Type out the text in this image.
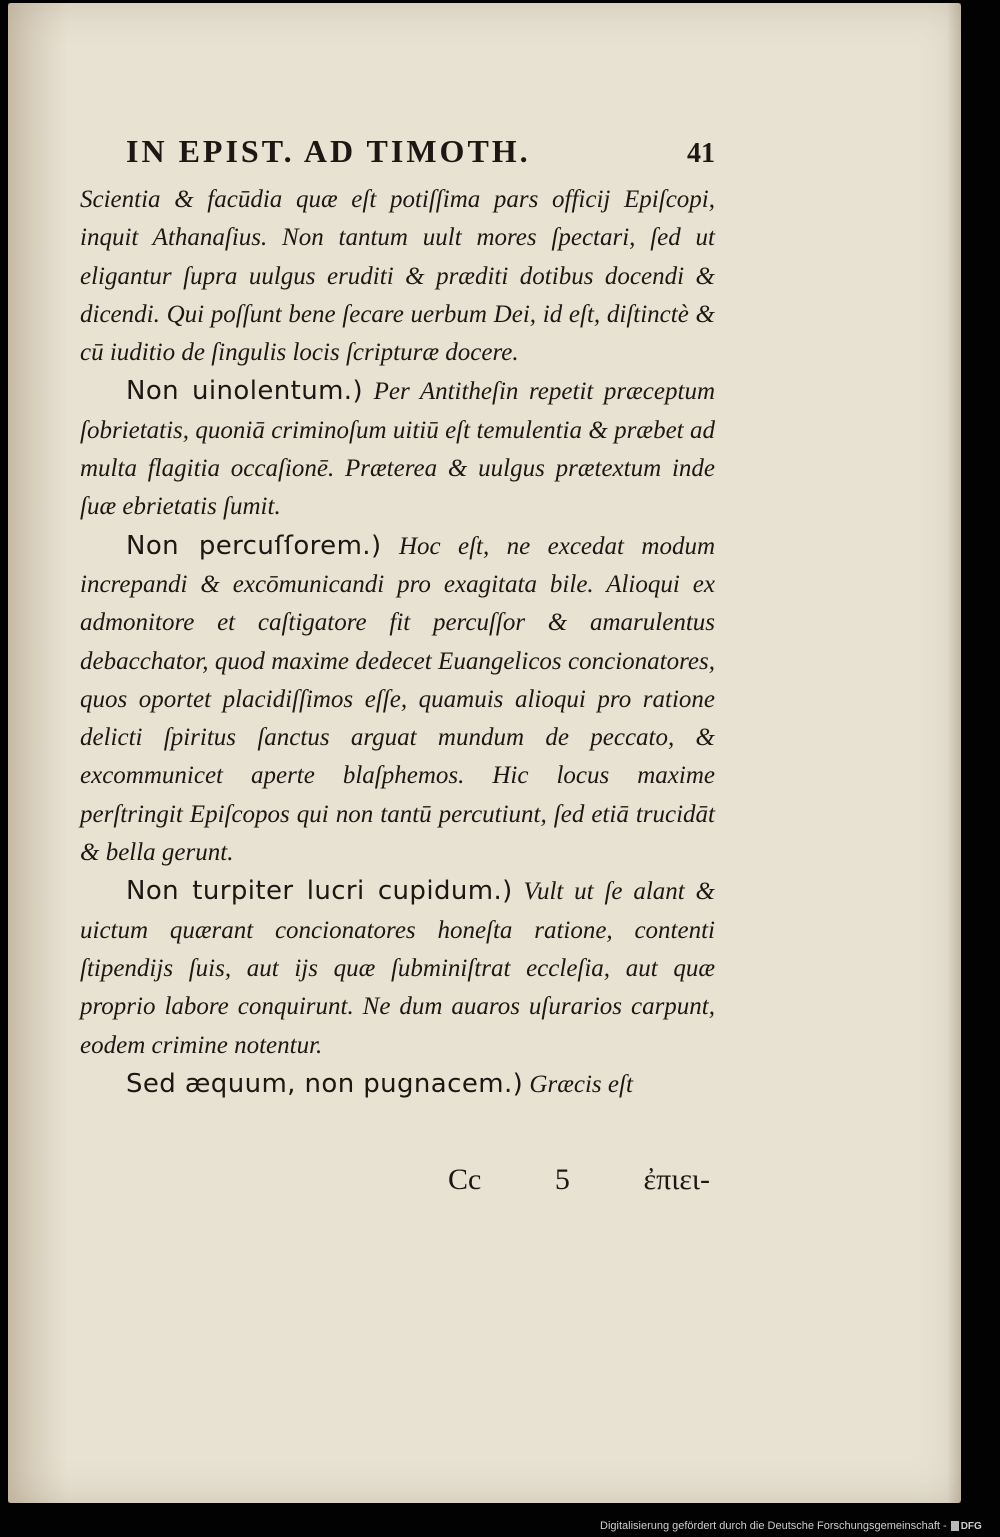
IN EPIST. AD TIMOTH.	41

Scientia & facūdia quæ eſt potiſſima pars officij Epiſcopi, inquit Athanaſius. Non tantum uult mores ſpectari, ſed ut eligantur ſupra uulgus eruditi & præditi dotibus docendi & dicendi. Qui poſſunt bene ſecare uerbum Dei, id eſt, diſtinctè & cū iuditio de ſingulis locis ſcripturæ docere.

Non uinolentum.) Per Antitheſin repetit præceptum ſobrietatis, quoniā criminoſum uitiū eſt temulentia & præbet ad multa flagitia occaſionē. Præterea & uulgus prætextum inde ſuæ ebrietatis ſumit.

Non percuſſorem.) Hoc eſt, ne excedat modum increpandi & excōmunicandi pro exagitata bile. Alioqui ex admonitore et caſtigatore fit percuſſor & amarulentus debacchator, quod maxime dedecet Euangelicos concionatores, quos oportet placidiſſimos eſſe, quamuis alioqui pro ratione delicti ſpiritus ſanctus arguat mundum de peccato, & excommunicet aperte blaſphemos. Hic locus maxime perſtringit Epiſcopos qui non tantū percutiunt, ſed etiā trucidāt & bella gerunt.

Non turpiter lucri cupidum.) Vult ut ſe alant & uictum quærant concionatores honeſta ratione, contenti ſtipendijs ſuis, aut ijs quæ ſubminiſtrat eccleſia, aut quæ proprio labore conquirunt. Ne dum auaros uſurarios carpunt, eodem crimine notentur.

Sed æquum, non pugnacem.) Græcis eſt

Cc 5 ἐπιει-
Digitalisierung gefördert durch die Deutsche Forschungsgemeinschaft - DFG
